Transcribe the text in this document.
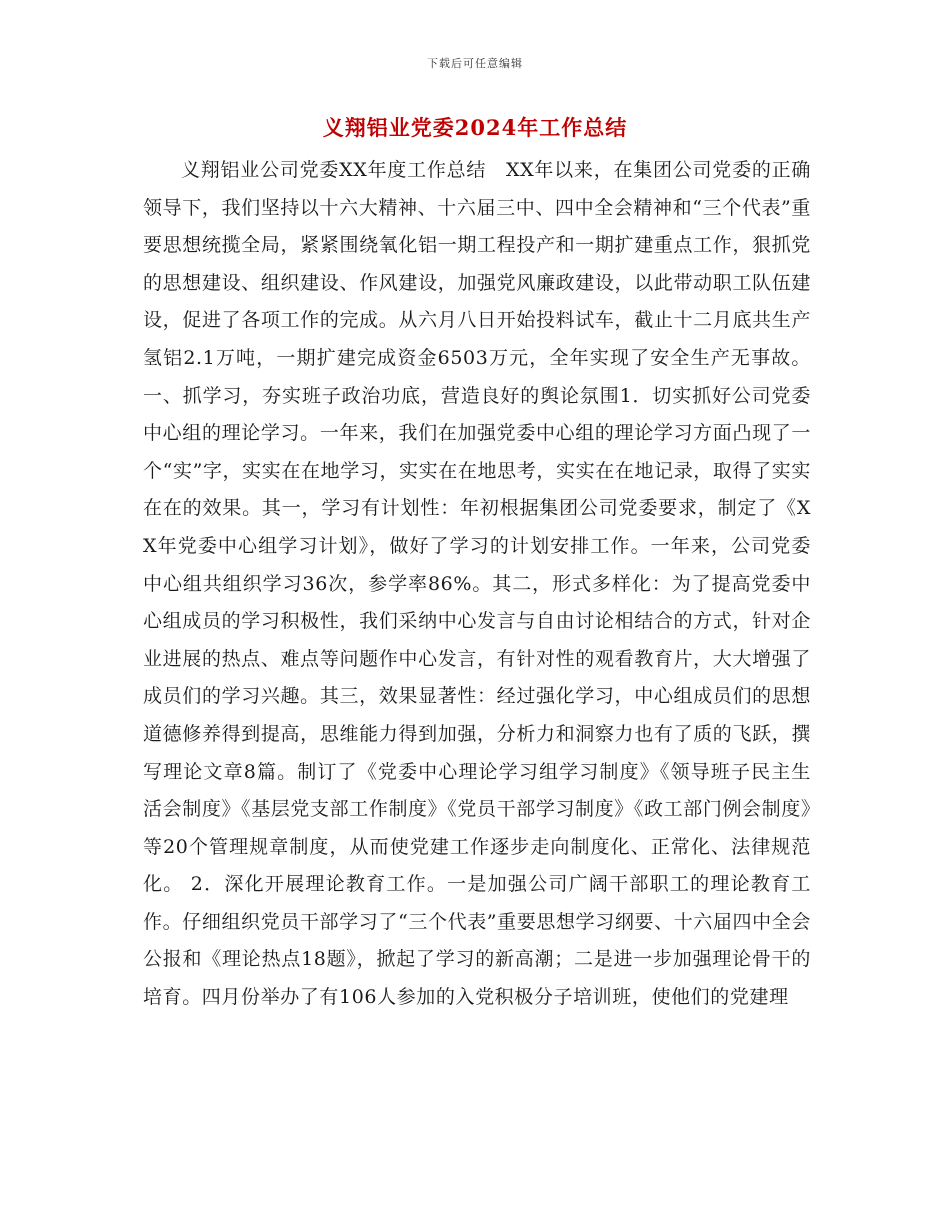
下载后可任意编辑
义翔铝业党委2024年工作总结

义翔铝业公司党委XX年度工作总结　XX年以来，在集团公司党委的正确领导下，我们坚持以十六大精神、十六届三中、四中全会精神和“三个代表”重要思想统揽全局，紧紧围绕氧化铝一期工程投产和一期扩建重点工作，狠抓党的思想建设、组织建设、作风建设，加强党风廉政建设，以此带动职工队伍建设，促进了各项工作的完成。从六月八日开始投料试车，截止十二月底共生产氢铝2.1万吨，一期扩建完成资金6503万元，全年实现了安全生产无事故。一、抓学习，夯实班子政治功底，营造良好的舆论氛围1．切实抓好公司党委中心组的理论学习。一年来，我们在加强党委中心组的理论学习方面凸现了一个“实”字，实实在在地学习，实实在在地思考，实实在在地记录，取得了实实在在的效果。其一，学习有计划性：年初根据集团公司党委要求，制定了《XX年党委中心组学习计划》，做好了学习的计划安排工作。一年来，公司党委中心组共组织学习36次，参学率86%。其二，形式多样化：为了提高党委中心组成员的学习积极性，我们采纳中心发言与自由讨论相结合的方式，针对企业进展的热点、难点等问题作中心发言，有针对性的观看教育片，大大增强了成员们的学习兴趣。其三，效果显著性：经过强化学习，中心组成员们的思想道德修养得到提高，思维能力得到加强，分析力和洞察力也有了质的飞跃，撰写理论文章8篇。制订了《党委中心理论学习组学习制度》《领导班子民主生活会制度》《基层党支部工作制度》《党员干部学习制度》《政工部门例会制度》等20个管理规章制度，从而使党建工作逐步走向制度化、正常化、法律规范化。 2．深化开展理论教育工作。一是加强公司广阔干部职工的理论教育工作。仔细组织党员干部学习了“三个代表”重要思想学习纲要、十六届四中全会公报和《理论热点18题》，掀起了学习的新高潮；二是进一步加强理论骨干的培育。四月份举办了有106人参加的入党积极分子培训班，使他们的党建理
